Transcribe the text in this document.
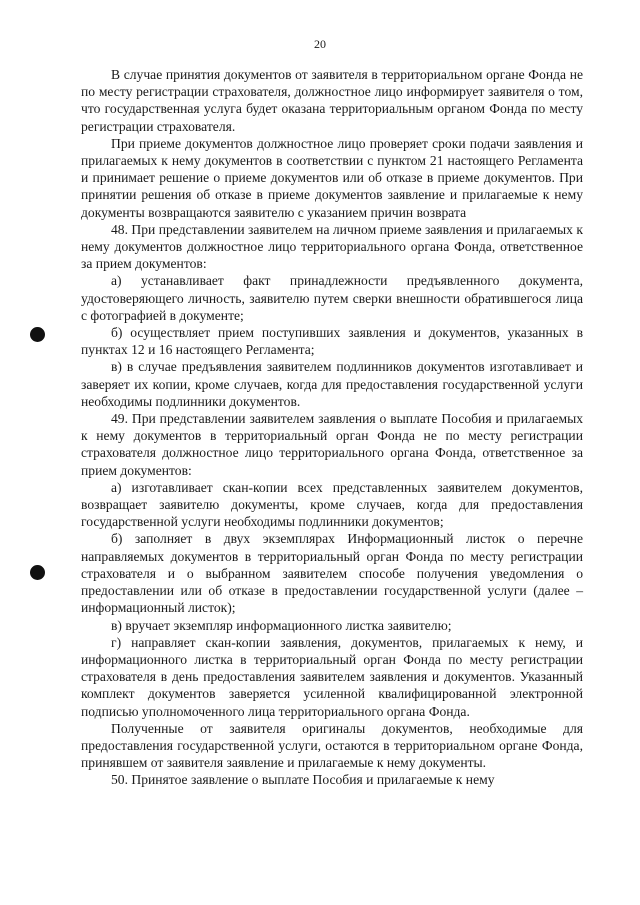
20

В случае принятия документов от заявителя в территориальном органе Фонда не по месту регистрации страхователя, должностное лицо информирует заявителя о том, что государственная услуга будет оказана территориальным органом Фонда по месту регистрации страхователя.

При приеме документов должностное лицо проверяет сроки подачи заявления и прилагаемых к нему документов в соответствии с пунктом 21 настоящего Регламента и принимает решение о приеме документов или об отказе в приеме документов. При принятии решения об отказе в приеме документов заявление и прилагаемые к нему документы возвращаются заявителю с указанием причин возврата

48. При представлении заявителем на личном приеме заявления и прилагаемых к нему документов должностное лицо территориального органа Фонда, ответственное за прием документов:

а) устанавливает факт принадлежности предъявленного документа, удостоверяющего личность, заявителю путем сверки внешности обратившегося лица с фотографией в документе;

б) осуществляет прием поступивших заявления и документов, указанных в пунктах 12 и 16 настоящего Регламента;

в) в случае предъявления заявителем подлинников документов изготавливает и заверяет их копии, кроме случаев, когда для предоставления государственной услуги необходимы подлинники документов.

49. При представлении заявителем заявления о выплате Пособия и прилагаемых к нему документов в территориальный орган Фонда не по месту регистрации страхователя должностное лицо территориального органа Фонда, ответственное за прием документов:

а) изготавливает скан-копии всех представленных заявителем документов, возвращает заявителю документы, кроме случаев, когда для предоставления государственной услуги необходимы подлинники документов;

б) заполняет в двух экземплярах Информационный листок о перечне направляемых документов в территориальный орган Фонда по месту регистрации страхователя и о выбранном заявителем способе получения уведомления о предоставлении или об отказе в предоставлении государственной услуги (далее – информационный листок);

в) вручает экземпляр информационного листка заявителю;

г) направляет скан-копии заявления, документов, прилагаемых к нему, и информационного листка в территориальный орган Фонда по месту регистрации страхователя в день предоставления заявителем заявления и документов. Указанный комплект документов заверяется усиленной квалифицированной электронной подписью уполномоченного лица территориального органа Фонда.

Полученные от заявителя оригиналы документов, необходимые для предоставления государственной услуги, остаются в территориальном органе Фонда, принявшем от заявителя заявление и прилагаемые к нему документы.

50. Принятое заявление о выплате Пособия и прилагаемые к нему
